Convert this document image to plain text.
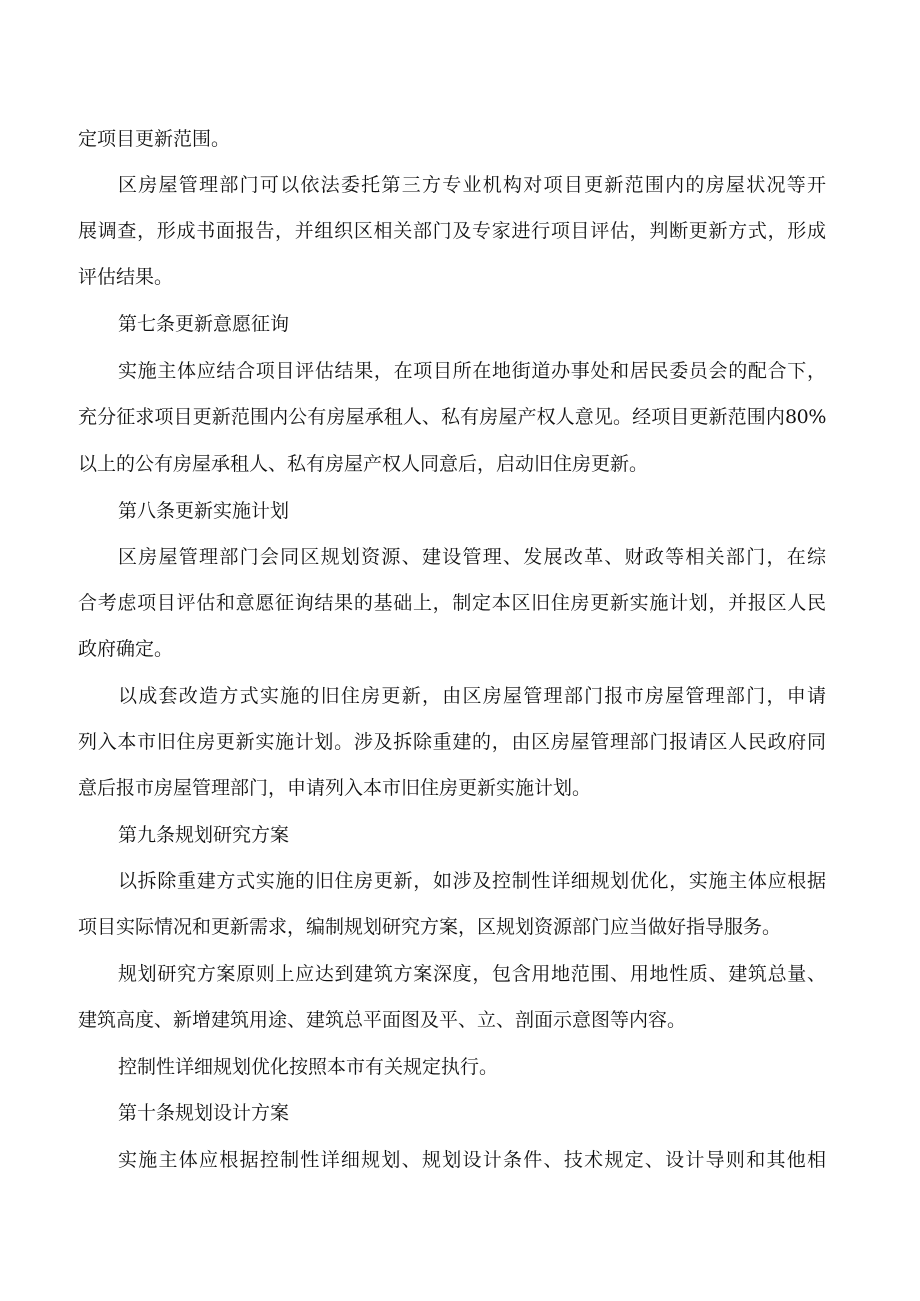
定项目更新范围。
区房屋管理部门可以依法委托第三方专业机构对项目更新范围内的房屋状况等开
展调查，形成书面报告，并组织区相关部门及专家进行项目评估，判断更新方式，形成
评估结果。
第七条更新意愿征询
实施主体应结合项目评估结果，在项目所在地街道办事处和居民委员会的配合下，
充分征求项目更新范围内公有房屋承租人、私有房屋产权人意见。经项目更新范围内80%
以上的公有房屋承租人、私有房屋产权人同意后，启动旧住房更新。
第八条更新实施计划
区房屋管理部门会同区规划资源、建设管理、发展改革、财政等相关部门，在综
合考虑项目评估和意愿征询结果的基础上，制定本区旧住房更新实施计划，并报区人民
政府确定。
以成套改造方式实施的旧住房更新，由区房屋管理部门报市房屋管理部门，申请
列入本市旧住房更新实施计划。涉及拆除重建的，由区房屋管理部门报请区人民政府同
意后报市房屋管理部门，申请列入本市旧住房更新实施计划。
第九条规划研究方案
以拆除重建方式实施的旧住房更新，如涉及控制性详细规划优化，实施主体应根据
项目实际情况和更新需求，编制规划研究方案，区规划资源部门应当做好指导服务。
规划研究方案原则上应达到建筑方案深度，包含用地范围、用地性质、建筑总量、
建筑高度、新增建筑用途、建筑总平面图及平、立、剖面示意图等内容。
控制性详细规划优化按照本市有关规定执行。
第十条规划设计方案
实施主体应根据控制性详细规划、规划设计条件、技术规定、设计导则和其他相
